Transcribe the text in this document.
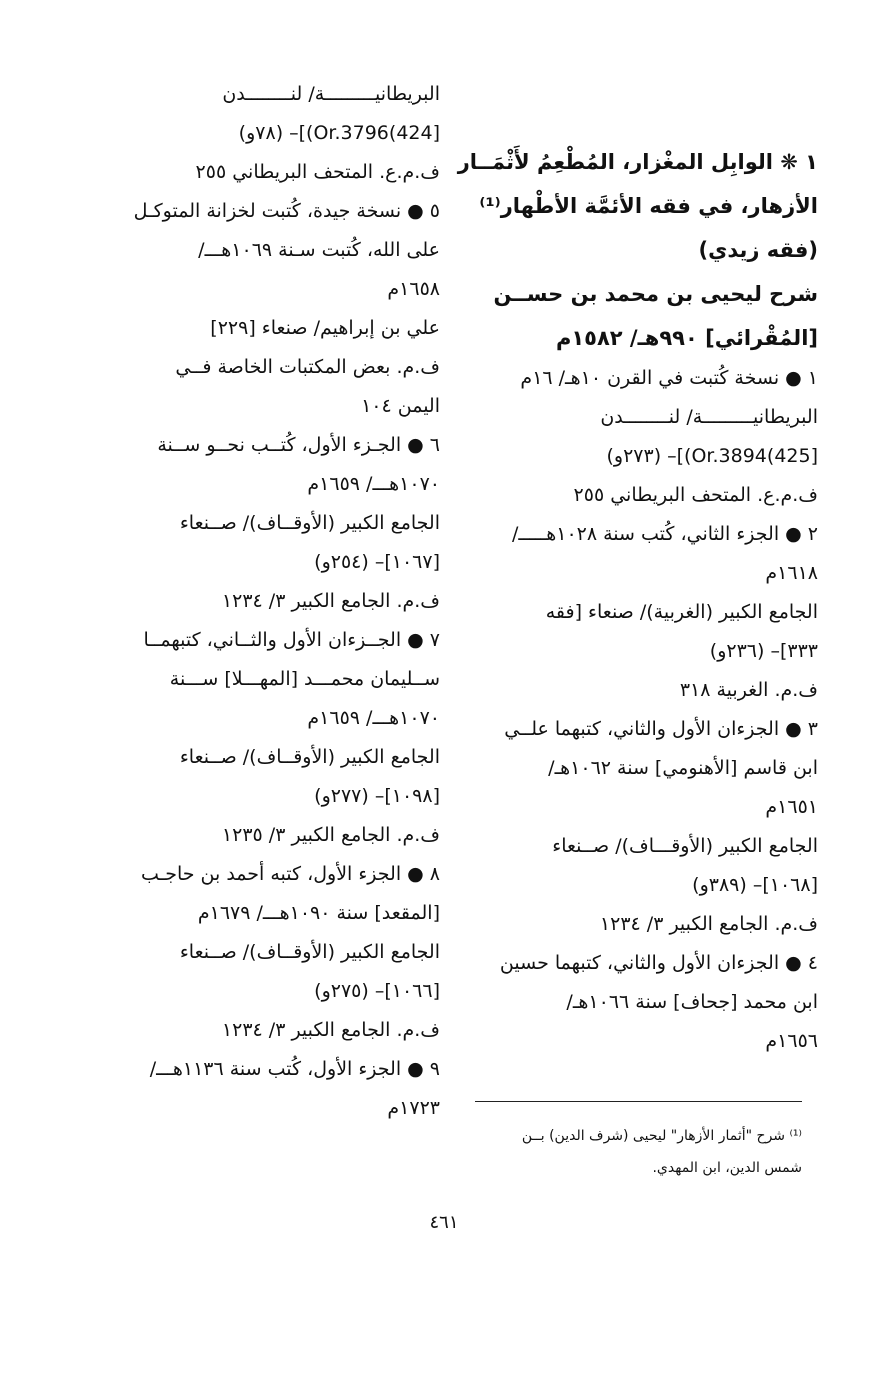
١ ❋ الوابِل المغْزار، المُطْعِمُ لأَثْمَــار
الأزهار، في فقه الأئمَّة الأطْهار⁽¹⁾
(فقه زيدي)
شرح ليحيى بن محمد بن حســن
[المُقْرائي] ٩٩٠هـ/ ١٥٨٢م
١ ● نسخة كُتبت في القرن ١٠هـ/ ١٦م
البريطانيـــــــــة/ لنــــــــدن
[425)Or.3894)]– (٢٧٣و)
ف.م.ع. المتحف البريطاني ٢٥٥
٢ ● الجزء الثاني، كُتب سنة ١٠٢٨هـــــ/
١٦١٨م
الجامع الكبير (الغربية)/ صنعاء [فقه
٣٣٣]– (٢٣٦و)
ف.م. الغربية ٣١٨
٣ ● الجزءان الأول والثاني، كتبهما علــي
ابن قاسم [الأهنومي] سنة ١٠٦٢هـ/
١٦٥١م
الجامع الكبير (الأوقـــاف)/ صــنعاء
[١٠٦٨]– (٣٨٩و)
ف.م. الجامع الكبير ٣/ ١٢٣٤
٤ ● الجزءان الأول والثاني، كتبهما حسين
ابن محمد [جحاف] سنة ١٠٦٦هـ/
١٦٥٦م
البريطانيـــــــــة/ لنــــــــدن
[424)Or.3796)]– (٧٨و)
ف.م.ع. المتحف البريطاني ٢٥٥
٥ ● نسخة جيدة، كُتبت لخزانة المتوكـل
على الله، كُتبت سـنة ١٠٦٩هـــ/
١٦٥٨م
علي بن إبراهيم/ صنعاء [٢٢٩]
ف.م. بعض المكتبات الخاصة فــي
اليمن ١٠٤
٦ ● الجـزء الأول، كُتــب نحــو ســنة
١٠٧٠هـــ/ ١٦٥٩م
الجامع الكبير (الأوقــاف)/ صــنعاء
[١٠٦٧]– (٢٥٤و)
ف.م. الجامع الكبير ٣/ ١٢٣٤
٧ ● الجــزءان الأول والثــاني، كتبهمــا
ســليمان محمـــد [المهـــلا] ســـنة
١٠٧٠هـــ/ ١٦٥٩م
الجامع الكبير (الأوقــاف)/ صــنعاء
[١٠٩٨]– (٢٧٧و)
ف.م. الجامع الكبير ٣/ ١٢٣٥
٨ ● الجزء الأول، كتبه أحمد بن حاجـب
[المقعد] سنة ١٠٩٠هـــ/ ١٦٧٩م
الجامع الكبير (الأوقــاف)/ صــنعاء
[١٠٦٦]– (٢٧٥و)
ف.م. الجامع الكبير ٣/ ١٢٣٤
٩ ● الجزء الأول، كُتب سنة ١١٣٦هـــ/
١٧٢٣م
⁽¹⁾ شرح "أثمار الأزهار" ليحيى (شرف الدين) بــن
شمس الدين، ابن المهدي.
٤٦١
